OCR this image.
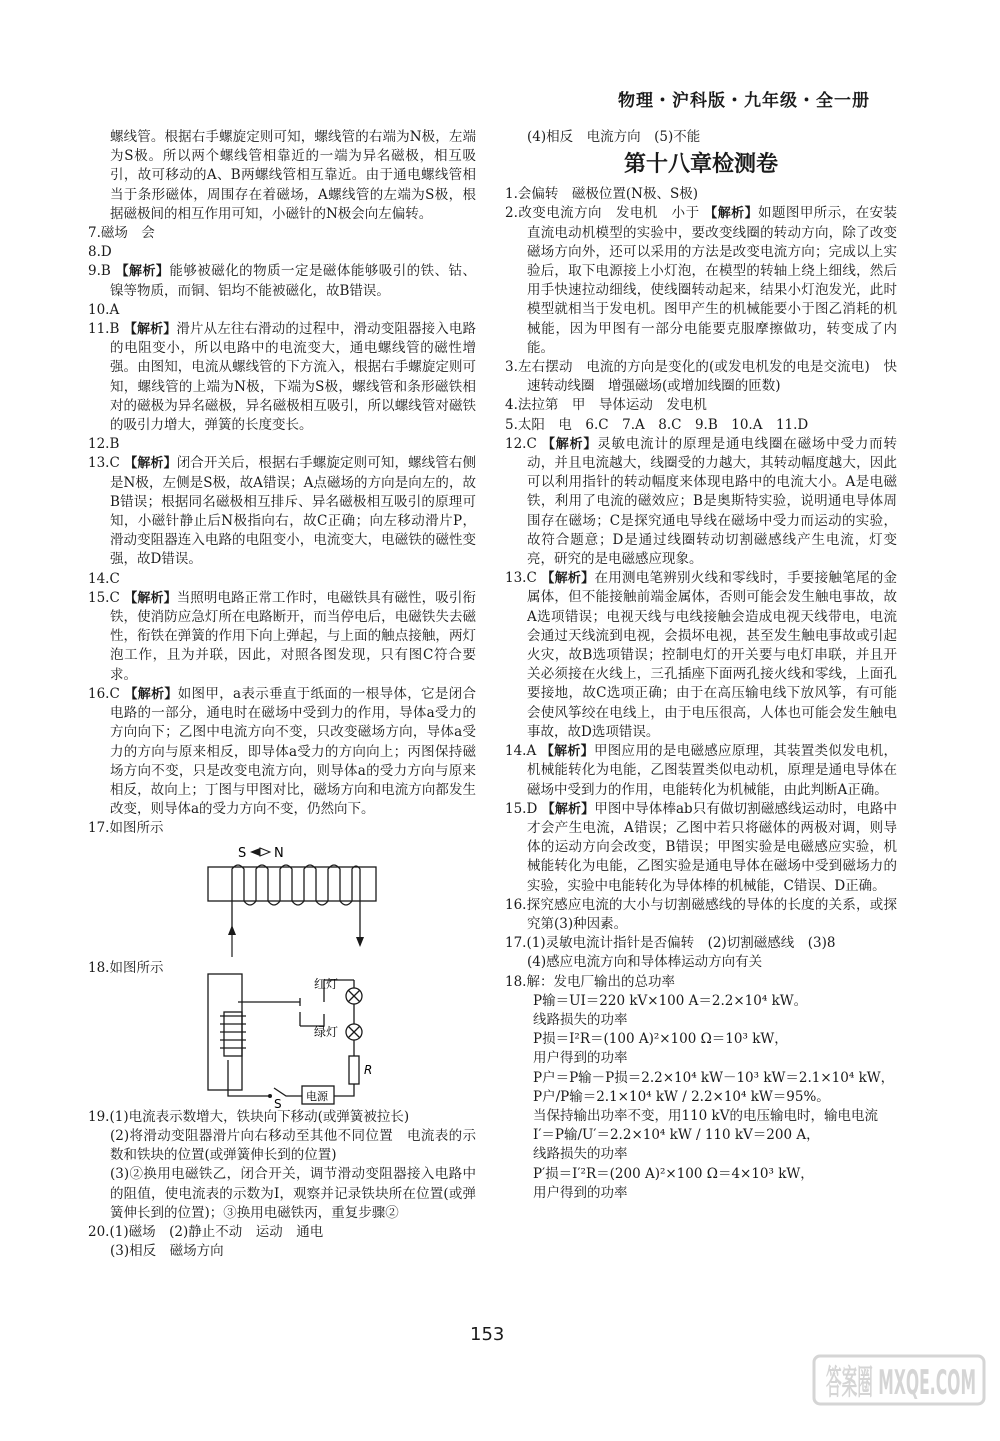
物理・沪科版・九年级・全一册

螺线管。根据右手螺旋定则可知，螺线管的右端为N极，左端为S极。所以两个螺线管相靠近的一端为异名磁极，相互吸引，故可移动的A、B两螺线管相互靠近。由于通电螺线管相当于条形磁体，周围存在着磁场，A螺线管的左端为S极，根据磁极间的相互作用可知，小磁针的N极会向左偏转。

7.磁场　会

8.D

9.B 【解析】能够被磁化的物质一定是磁体能够吸引的铁、钴、镍等物质，而铜、铝均不能被磁化，故B错误。

10.A

11.B 【解析】滑片从左往右滑动的过程中，滑动变阻器接入电路的电阻变小，所以电路中的电流变大，通电螺线管的磁性增强。由图知，电流从螺线管的下方流入，根据右手螺旋定则可知，螺线管的上端为N极，下端为S极，螺线管和条形磁铁相对的磁极为异名磁极，异名磁极相互吸引，所以螺线管对磁铁的吸引力增大，弹簧的长度变长。

12.B

13.C 【解析】闭合开关后，根据右手螺旋定则可知，螺线管右侧是N极，左侧是S极，故A错误；A点磁场的方向是向左的，故B错误；根据同名磁极相互排斥、异名磁极相互吸引的原理可知，小磁针静止后N极指向右，故C正确；向左移动滑片P，滑动变阻器连入电路的电阻变小，电流变大，电磁铁的磁性变强，故D错误。

14.C

15.C 【解析】当照明电路正常工作时，电磁铁具有磁性，吸引衔铁，使消防应急灯所在电路断开，而当停电后，电磁铁失去磁性，衔铁在弹簧的作用下向上弹起，与上面的触点接触，两灯泡工作，且为并联，因此，对照各图发现，只有图C符合要求。

16.C 【解析】如图甲，a表示垂直于纸面的一根导体，它是闭合电路的一部分，通电时在磁场中受到力的作用，导体a受力的方向向下；乙图中电流方向不变，只改变磁场方向，导体a受力的方向与原来相反，即导体a受力的方向向上；丙图保持磁场方向不变，只是改变电流方向，则导体a的受力方向与原来相反，故向上；丁图与甲图对比，磁场方向和电流方向都发生改变，则导体a的受力方向不变，仍然向下。

17.如图所示

S N

18.如图所示

红灯
绿灯
R
S
电源

19.(1)电流表示数增大，铁块向下移动(或弹簧被拉长)

(2)将滑动变阻器滑片向右移动至其他不同位置　电流表的示数和铁块的位置(或弹簧伸长到的位置)

(3)②换用电磁铁乙，闭合开关，调节滑动变阻器接入电路中的阻值，使电流表的示数为I，观察并记录铁块所在位置(或弹簧伸长到的位置)；③换用电磁铁丙，重复步骤②

20.(1)磁场　(2)静止不动　运动　通电

(3)相反　磁场方向

(4)相反　电流方向　(5)不能

第十八章检测卷

1.会偏转　磁极位置(N极、S极)

2.改变电流方向　发电机　小于 【解析】如题图甲所示，在安装直流电动机模型的实验中，要改变线圈的转动方向，除了改变磁场方向外，还可以采用的方法是改变电流方向；完成以上实验后，取下电源接上小灯泡，在模型的转轴上绕上细线，然后用手快速拉动细线，使线圈转动起来，结果小灯泡发光，此时模型就相当于发电机。图甲产生的机械能要小于图乙消耗的机械能，因为甲图有一部分电能要克服摩擦做功，转变成了内能。

3.左右摆动　电流的方向是变化的(或发电机发的电是交流电)　快速转动线圈　增强磁场(或增加线圈的匝数)

4.法拉第　甲　导体运动　发电机

5.太阳　电　6.C　7.A　8.C　9.B　10.A　11.D

12.C 【解析】灵敏电流计的原理是通电线圈在磁场中受力而转动，并且电流越大，线圈受的力越大，其转动幅度越大，因此可以利用指针的转动幅度来体现电路中的电流大小。A是电磁铁，利用了电流的磁效应；B是奥斯特实验，说明通电导体周围存在磁场；C是探究通电导线在磁场中受力而运动的实验，故符合题意；D是通过线圈转动切割磁感线产生电流，灯变亮，研究的是电磁感应现象。

13.C 【解析】在用测电笔辨别火线和零线时，手要接触笔尾的金属体，但不能接触前端金属体，否则可能会发生触电事故，故A选项错误；电视天线与电线接触会造成电视天线带电，电流会通过天线流到电视，会损坏电视，甚至发生触电事故或引起火灾，故B选项错误；控制电灯的开关要与电灯串联，并且开关必须接在火线上，三孔插座下面两孔接火线和零线，上面孔要接地，故C选项正确；由于在高压输电线下放风筝，有可能会使风筝绞在电线上，由于电压很高，人体也可能会发生触电事故，故D选项错误。

14.A 【解析】甲图应用的是电磁感应原理，其装置类似发电机，机械能转化为电能，乙图装置类似电动机，原理是通电导体在磁场中受到力的作用，电能转化为机械能，由此判断A正确。

15.D 【解析】甲图中导体棒ab只有做切割磁感线运动时，电路中才会产生电流，A错误；乙图中若只将磁体的两极对调，则导体的运动方向会改变，B错误；甲图实验是电磁感应实验，机械能转化为电能，乙图实验是通电导体在磁场中受到磁场力的实验，实验中电能转化为导体棒的机械能，C错误、D正确。

16.探究感应电流的大小与切割磁感线的导体的长度的关系，或探究第(3)种因素。

17.(1)灵敏电流计指针是否偏转　(2)切割磁感线　(3)8

(4)感应电流方向和导体棒运动方向有关

18.解：发电厂输出的总功率

P输＝UI＝220 kV×100 A＝2.2×10⁴ kW。

线路损失的功率

P损＝I²R＝(100 A)²×100 Ω＝10³ kW，

用户得到的功率

P户＝P输－P损＝2.2×10⁴ kW－10³ kW＝2.1×10⁴ kW，

P户/P输＝2.1×10⁴ kW / 2.2×10⁴ kW＝95%。

当保持输出功率不变，用110 kV的电压输电时，输电电流

I′＝P输/U′＝2.2×10⁴ kW / 110 kV＝200 A，

线路损失的功率

P′损＝I′²R＝(200 A)²×100 Ω＝4×10³ kW，

用户得到的功率

153
答案圈 MXQE.COM
